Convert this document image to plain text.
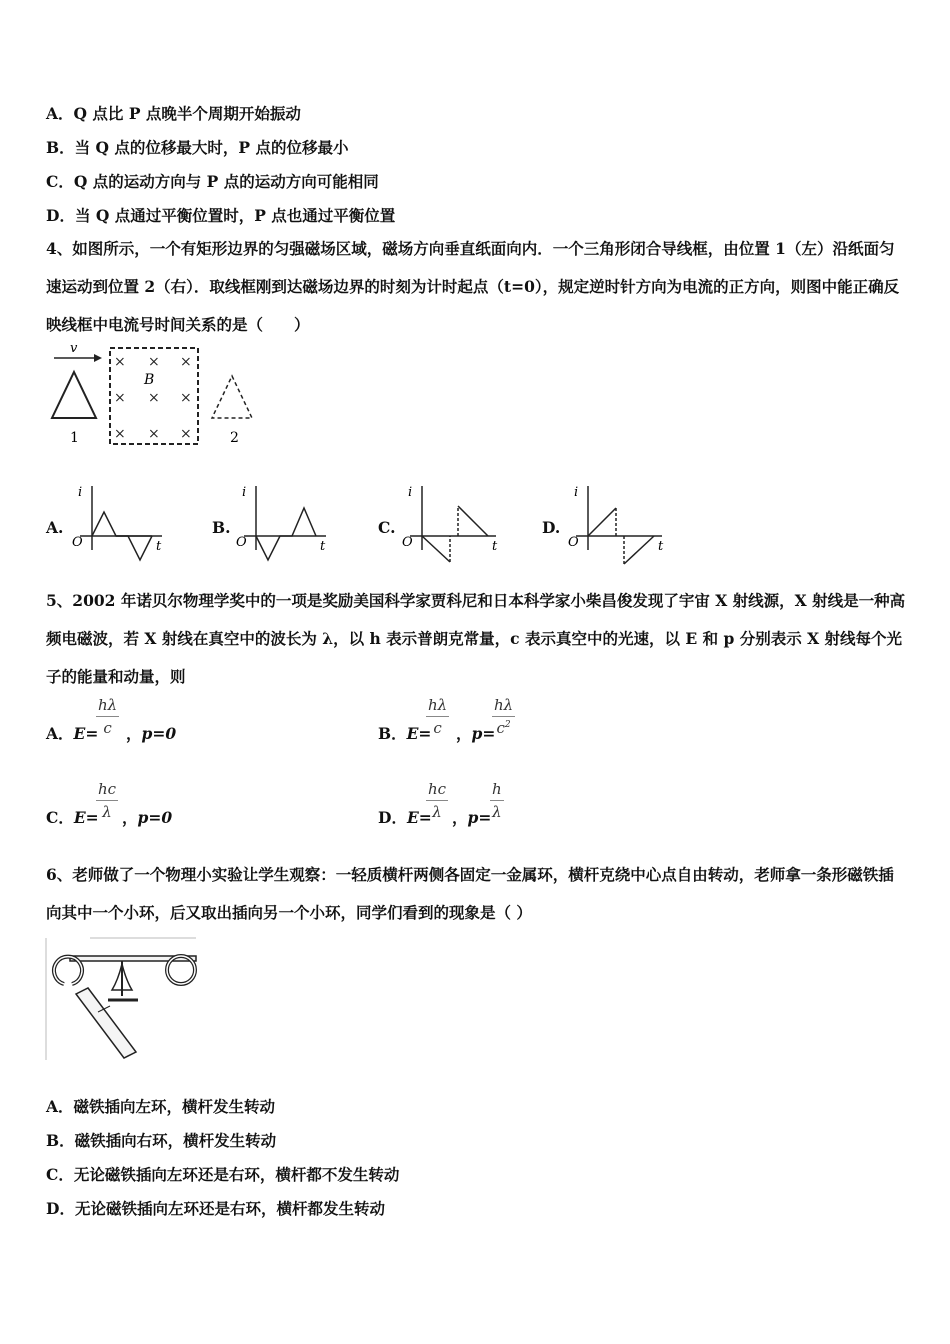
A．Q 点比 P 点晚半个周期开始振动
B．当 Q 点的位移最大时，P 点的位移最小
C．Q 点的运动方向与 P 点的运动方向可能相同
D．当 Q 点通过平衡位置时，P 点也通过平衡位置
4、如图所示，一个有矩形边界的匀强磁场区域，磁场方向垂直纸面向内．一个三角形闭合导线框，由位置 1（左）沿纸面匀速运动到位置 2（右）．取线框刚到达磁场边界的时刻为计时起点（t=0），规定逆时针方向为电流的正方向，则图中能正确反映线框中电流号时间关系的是（　　）
v
1
× × ×
× × ×
× × ×
B
2
A.
i
t
O
B.
i
t
O
C.
i
t
O
D.
i
t
O
5、2002 年诺贝尔物理学奖中的一项是奖励美国科学家贾科尼和日本科学家小柴昌俊发现了宇宙 X 射线源，X 射线是一种高频电磁波，若 X 射线在真空中的波长为 λ，以 h 表示普朗克常量，c 表示真空中的光速，以 E 和 p 分别表示 X 射线每个光子的能量和动量，则
A．E=
hλ
c ，p=0	B．E=
hλ
c ，p=
hλ
$c^2$
C．E=
hc
λ ，p=0	D．E=
hc
λ ，p=
h
λ
6、老师做了一个物理小实验让学生观察：一轻质横杆两侧各固定一金属环，横杆克绕中心点自由转动，老师拿一条形磁铁插向其中一个小环，后又取出插向另一个小环，同学们看到的现象是（ ）
A．磁铁插向左环，横杆发生转动
B．磁铁插向右环，横杆发生转动
C．无论磁铁插向左环还是右环，横杆都不发生转动
D．无论磁铁插向左环还是右环，横杆都发生转动
